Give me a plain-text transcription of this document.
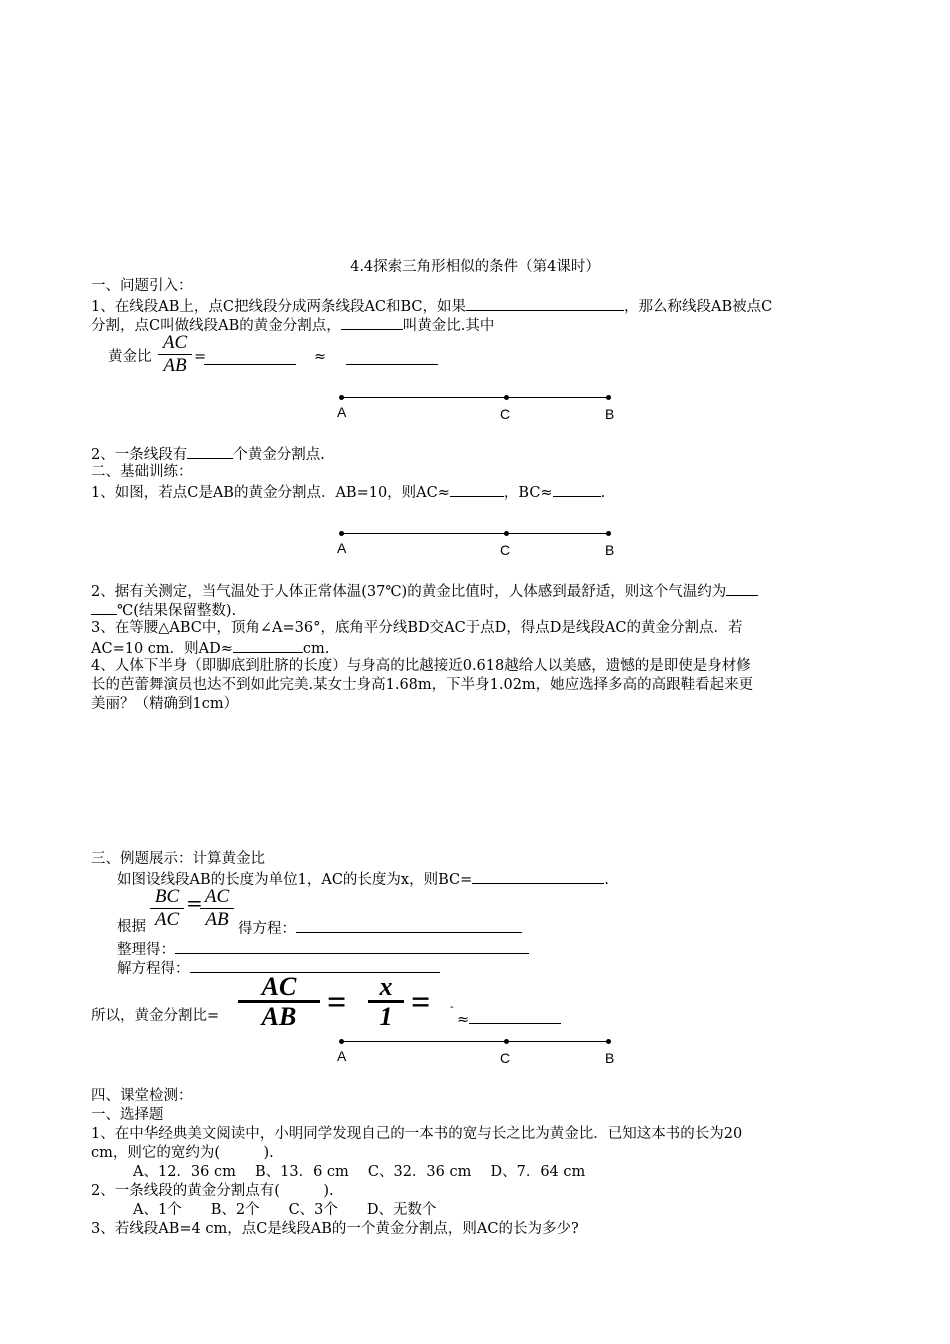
4.4探索三角形相似的条件（第4课时）
一、问题引入：
1、在线段AB上，点C把线段分成两条线段AC和BC，如果	，那么称线段AB被点C
分割，点C叫做线段AB的黄金分割点，	叫黄金比.其中
黄金比
AC
AB =	≈
A	C	B
2、一条线段有	个黄金分割点.
二、基础训练：
1、如图，若点C是AB的黄金分割点．AB=10，则AC≈	，BC≈	.
A	C	B
2、据有关测定，当气温处于人体正常体温(37℃)的黄金比值时，人体感到最舒适，则这个气温约为
℃(结果保留整数).
3、在等腰△ABC中，顶角∠A=36°，底角平分线BD交AC于点D，得点D是线段AC的黄金分割点．若
AC=10 cm．则AD≈	cm.
4、人体下半身（即脚底到肚脐的长度）与身高的比越接近0.618越给人以美感，遗憾的是即使是身材修
长的芭蕾舞演员也达不到如此完美.某女士身高1.68m，下半身1.02m，她应选择多高的高跟鞋看起来更
美丽？（精确到1cm）
三、例题展示：计算黄金比
如图设线段AB的长度为单位1，AC的长度为x，则BC=	.
根据
BC
AC
= AC
AB 得方程：
整理得：
解方程得：
所以，黄金分割比=
AC
AB =	x
1 = -
≈
A	C	B
四、课堂检测：
一、选择题
1、在中华经典美文阅读中，小明同学发现自己的一本书的宽与长之比为黄金比．已知这本书的长为20
cm，则它的宽约为(　　　).
A、12．36 cm　 B、13．6 cm　 C、32．36 cm　 D、7．64 cm
2、一条线段的黄金分割点有(　　　).
A、1个　　B、2个　　C、3个　　D、无数个
3、若线段AB=4 cm，点C是线段AB的一个黄金分割点，则AC的长为多少?
